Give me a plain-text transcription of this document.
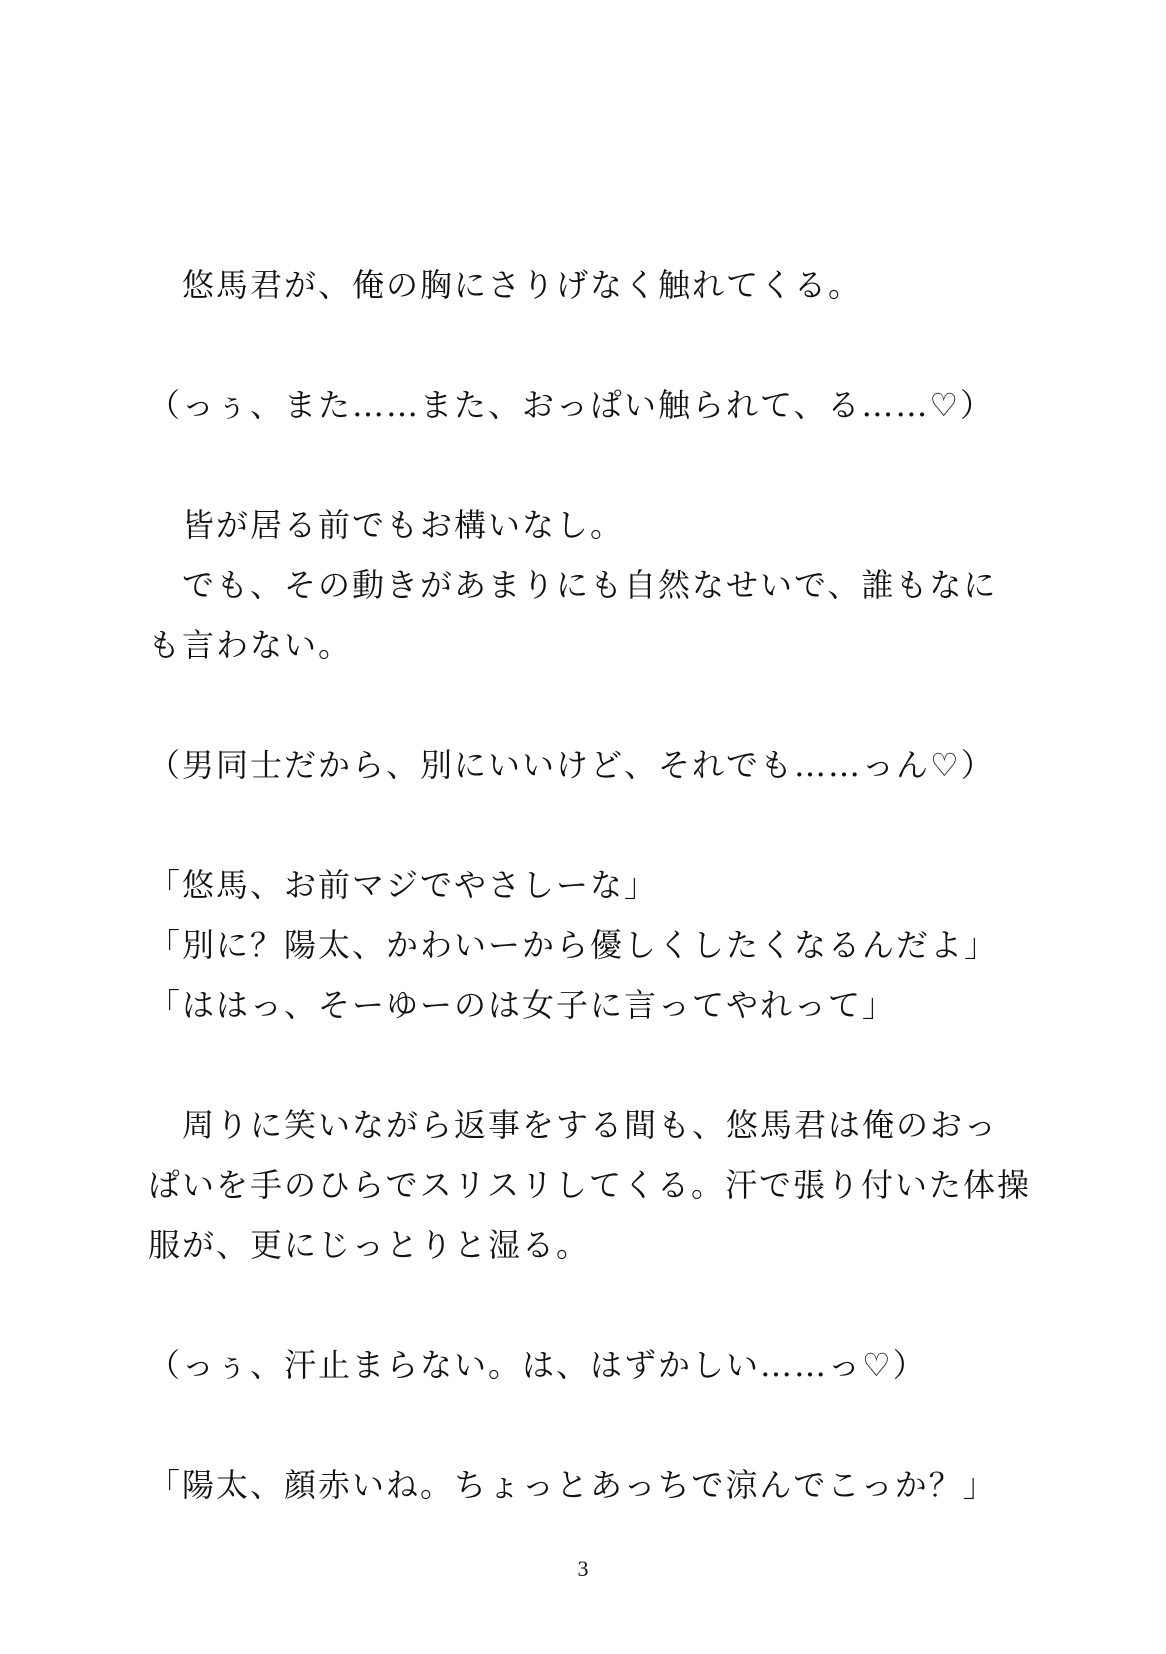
　悠馬君が、俺の胸にさりげなく触れてくる。
（っぅ、また……また、おっぱい触られて、る……♡）
　皆が居る前でもお構いなし。
　でも、その動きがあまりにも自然なせいで、誰もなに
も言わない。
（男同士だから、別にいいけど、それでも……っん♡）
「悠馬、お前マジでやさしーな」
「別に？陽太、かわいーから優しくしたくなるんだよ」
「ははっ、そーゆーのは女子に言ってやれって」
　周りに笑いながら返事をする間も、悠馬君は俺のおっ
ぱいを手のひらでスリスリしてくる。汗で張り付いた体操
服が、更にじっとりと湿る。
（っぅ、汗止まらない。は、はずかしい……っ♡）
「陽太、顔赤いね。ちょっとあっちで涼んでこっか？」
3
